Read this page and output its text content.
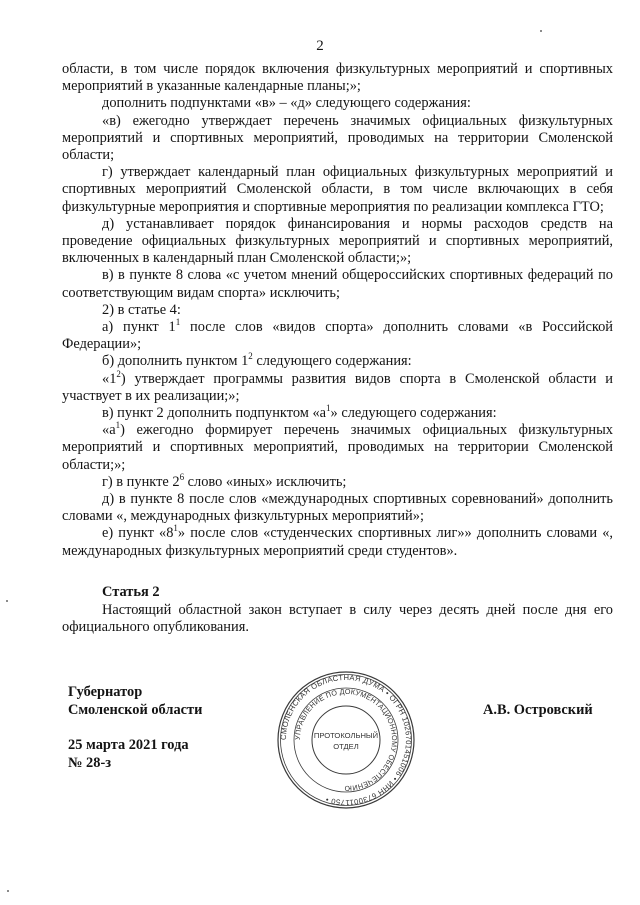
2

области, в том числе порядок включения физкультурных мероприятий и спортивных мероприятий в указанные календарные планы;»;

дополнить подпунктами «в» – «д» следующего содержания:

«в) ежегодно утверждает перечень значимых официальных физкультурных мероприятий и спортивных мероприятий, проводимых на территории Смоленской области;

г) утверждает календарный план официальных физкультурных мероприятий и спортивных мероприятий Смоленской области, в том числе включающих в себя физкультурные мероприятия и спортивные мероприятия по реализации комплекса ГТО;

д) устанавливает порядок финансирования и нормы расходов средств на проведение официальных физкультурных мероприятий и спортивных мероприятий, включенных в календарный план Смоленской области;»;

в) в пункте 8 слова «с учетом мнений общероссийских спортивных федераций по соответствующим видам спорта» исключить;

2) в статье 4:

а) пункт $1^1$ после слов «видов спорта» дополнить словами «в Российской Федерации»;

б) дополнить пунктом $1^2$ следующего содержания:

«$1^2$) утверждает программы развития видов спорта в Смоленской области и участвует в их реализации;»;

в) пункт 2 дополнить подпунктом «$а^1$» следующего содержания:

«$а^1$) ежегодно формирует перечень значимых официальных физкультурных мероприятий и спортивных мероприятий, проводимых на территории Смоленской области;»;

г) в пункте $2^6$ слово «иных» исключить;

д) в пункте 8 после слов «международных спортивных соревнований» дополнить словами «, международных физкультурных мероприятий»;

е) пункт «$8^1$» после слов «студенческих спортивных лиг»» дополнить словами «, международных физкультурных мероприятий среди студентов».

Статья 2

Настоящий областной закон вступает в силу через десять дней после дня его официального опубликования.

Губернатор
Смоленской области	А.В. Островский
25 марта 2021 года
№ 28-з
СМОЛЕНСКАЯ ОБЛАСТНАЯ ДУМА • ОГРН 1026701451006 • ИНН 6730011750 •
УПРАВЛЕНИЕ ПО ДОКУМЕНТАЦИОННОМУ ОБЕСПЕЧЕНИЮ
ПРОТОКОЛЬНЫЙ
ОТДЕЛ
